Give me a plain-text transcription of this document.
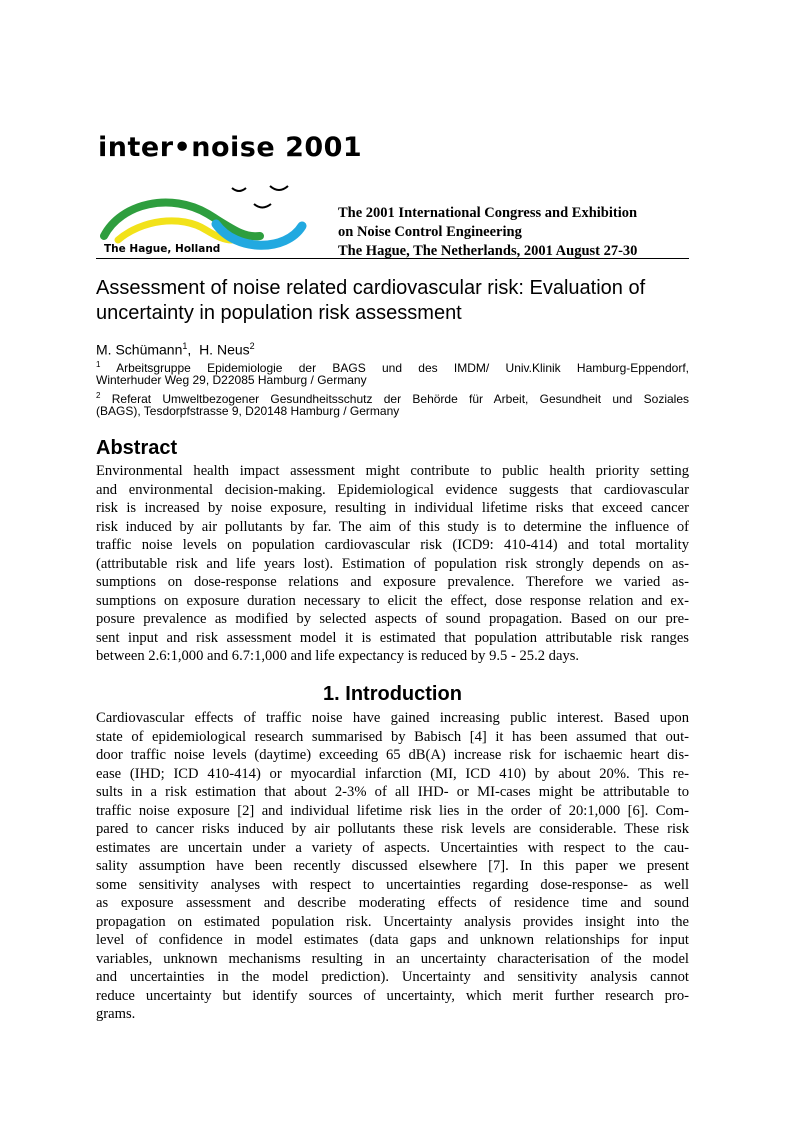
inter•noise 2001
The Hague, Holland
The 2001 International Congress and Exhibition
on Noise Control Engineering
The Hague, The Netherlands, 2001 August 27-30
Assessment of noise related cardiovascular risk: Evaluation of
uncertainty in population risk assessment
M. Schümann$^1$,  H. Neus$^2$
$^1$ Arbeitsgruppe Epidemiologie der BAGS und des IMDM/ Univ.Klinik Hamburg-Eppendorf,
Winterhuder Weg 29, D22085 Hamburg / Germany
$^2$ Referat Umweltbezogener Gesundheitsschutz der Behörde für Arbeit, Gesundheit und Soziales
(BAGS), Tesdorpfstrasse 9, D20148 Hamburg / Germany
Abstract
Environmental health impact assessment might contribute to public health priority setting
and environmental decision-making. Epidemiological evidence suggests that cardiovascular
risk is increased by noise exposure, resulting in individual lifetime risks that exceed cancer
risk induced by air pollutants by far. The aim of this study is to determine the influence of
traffic noise levels on population cardiovascular risk (ICD9: 410-414) and total mortality
(attributable risk and life years lost). Estimation of population risk strongly depends on as-
sumptions on dose-response relations and exposure prevalence. Therefore we varied as-
sumptions on exposure duration necessary to elicit the effect, dose response relation and ex-
posure prevalence as modified by selected aspects of sound propagation. Based on our pre-
sent input and risk assessment model it is estimated that population attributable risk ranges
between 2.6:1,000 and 6.7:1,000 and life expectancy is reduced by 9.5 - 25.2 days.
1. Introduction
Cardiovascular effects of traffic noise have gained increasing public interest. Based upon
state of epidemiological research summarised by Babisch [4] it has been assumed that out-
door traffic noise levels (daytime) exceeding 65 dB(A) increase risk for ischaemic heart dis-
ease (IHD; ICD 410-414) or myocardial infarction (MI, ICD 410) by about 20%. This re-
sults in a risk estimation that about 2-3% of all IHD- or MI-cases might be attributable to
traffic noise exposure [2] and individual lifetime risk lies in the order of 20:1,000 [6]. Com-
pared to cancer risks induced by air pollutants these risk levels are considerable. These risk
estimates are uncertain under a variety of aspects. Uncertainties with respect to the cau-
sality assumption have been recently discussed elsewhere [7]. In this paper we present
some sensitivity analyses with respect to uncertainties regarding dose-response- as well
as exposure assessment and describe moderating effects of residence time and sound
propagation on estimated population risk. Uncertainty analysis provides insight into the
level of confidence in model estimates (data gaps and unknown relationships for input
variables, unknown mechanisms resulting in an uncertainty characterisation of the model
and uncertainties in the model prediction). Uncertainty and sensitivity analysis cannot
reduce uncertainty but identify sources of uncertainty, which merit further research pro-
grams.
